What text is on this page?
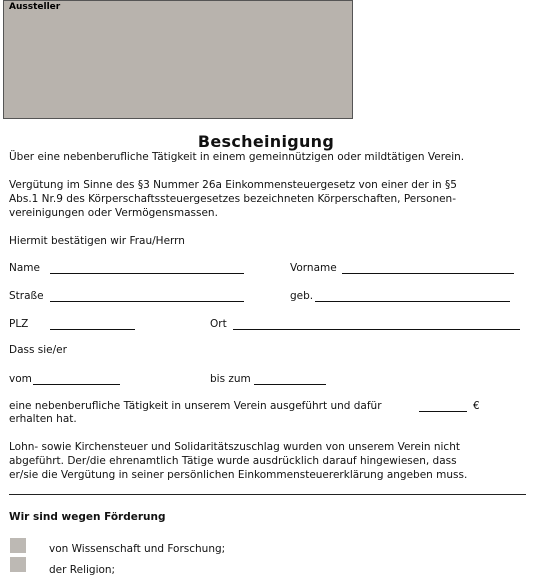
Aussteller
Bescheinigung
Über eine nebenberufliche Tätigkeit in einem gemeinnützigen oder mildtätigen Verein.
Vergütung im Sinne des §3 Nummer 26a Einkommensteuergesetz von einer der in §5
Abs.1 Nr.9 des Körperschaftssteuergesetzes bezeichneten Körperschaften, Personen-
vereinigungen oder Vermögensmassen.
Hiermit bestätigen wir Frau/Herrn
Name	Vorname
Straße	geb.
PLZ	Ort
Dass sie/er
vom	bis zum
eine nebenberufliche Tätigkeit in unserem Verein ausgeführt und dafür	€
erhalten hat.
Lohn- sowie Kirchensteuer und Solidaritätszuschlag wurden von unserem Verein nicht
abgeführt. Der/die ehrenamtlich Tätige wurde ausdrücklich darauf hingewiesen, dass
er/sie die Vergütung in seiner persönlichen Einkommensteuererklärung angeben muss.
Wir sind wegen Förderung
von Wissenschaft und Forschung;
der Religion;
